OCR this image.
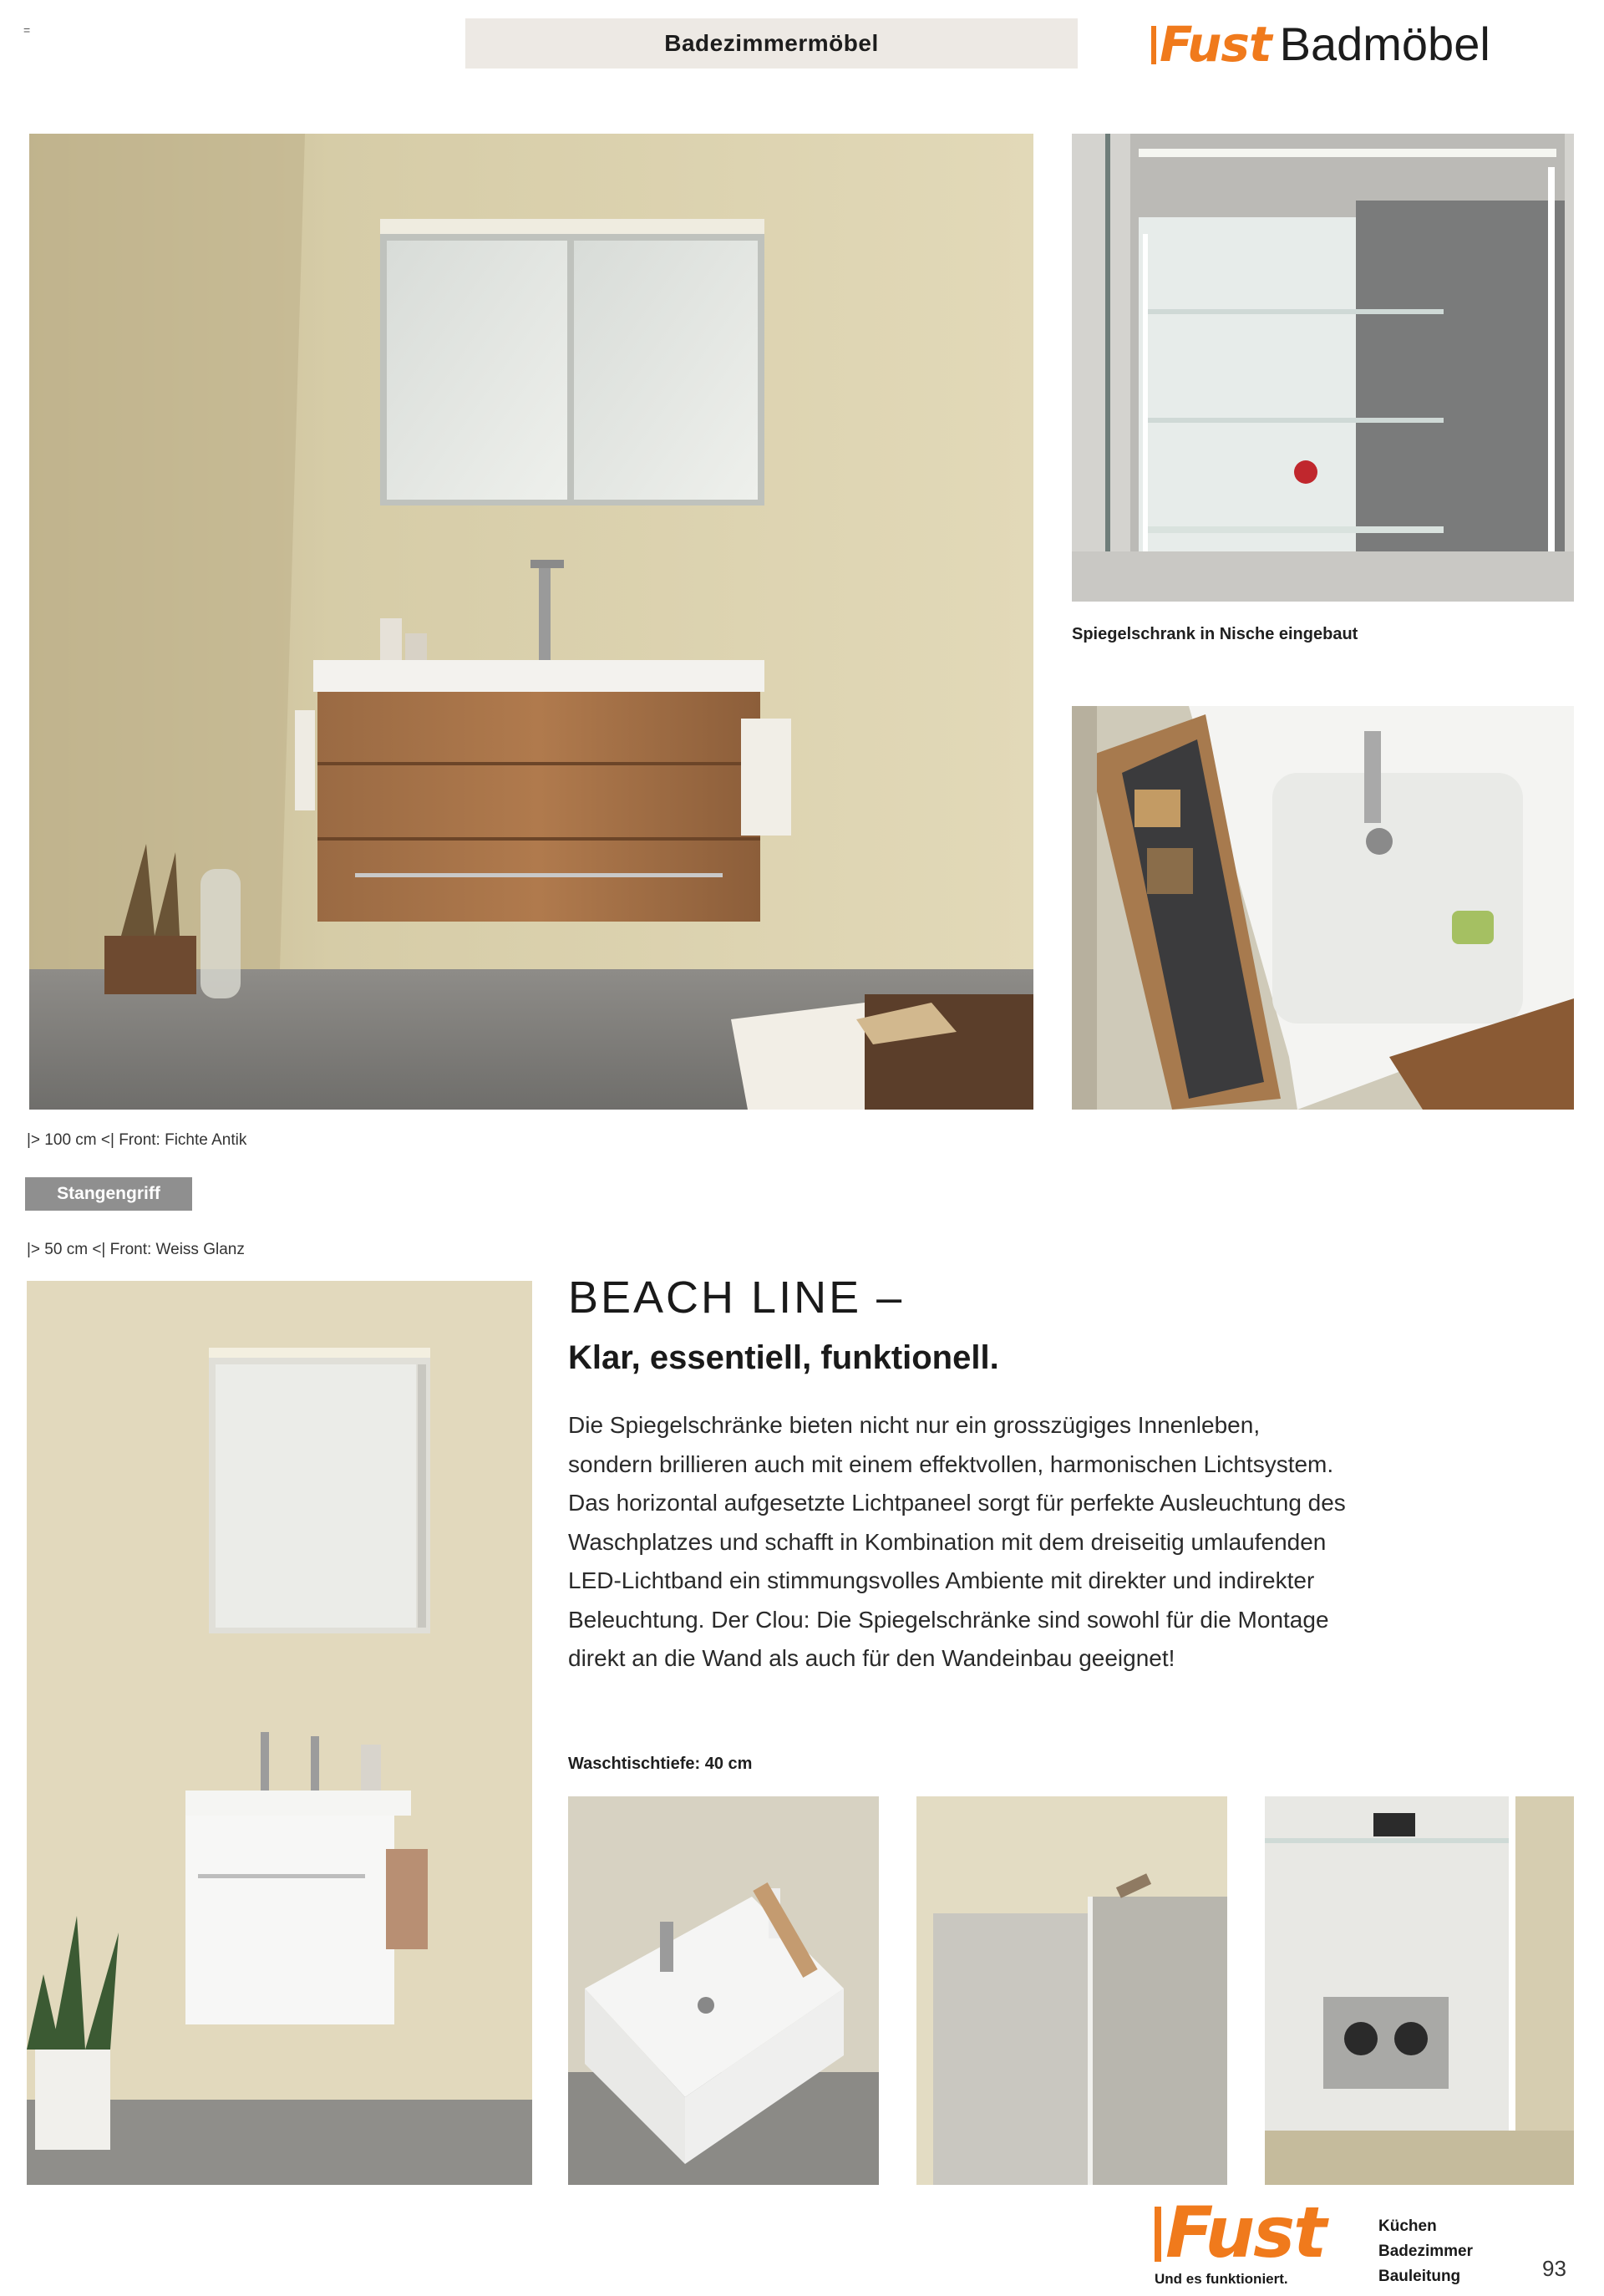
=	Badezimmermöbel	Fust Badmöbel
Spiegelschrank in Nische eingebaut
|> 100 cm <| Front: Fichte Antik
Stangengriff
|> 50 cm <| Front: Weiss Glanz
BEACH LINE –
Klar, essentiell, funktionell.
Die Spiegelschränke bieten nicht nur ein grosszügiges Innenleben,
sondern brillieren auch mit einem effektvollen, harmonischen Lichtsystem.
Das horizontal aufgesetzte Lichtpaneel sorgt für perfekte Ausleuchtung des
Waschplatzes und schafft in Kombination mit dem dreiseitig umlaufenden
LED-Lichtband ein stimmungsvolles Ambiente mit direkter und indirekter
Beleuchtung. Der Clou: Die Spiegelschränke sind sowohl für die Montage
direkt an die Wand als auch für den Wandeinbau geeignet!
Waschtischtiefe: 40 cm
Fust
Und es funktioniert.
Küchen
Badezimmer
Bauleitung	93
